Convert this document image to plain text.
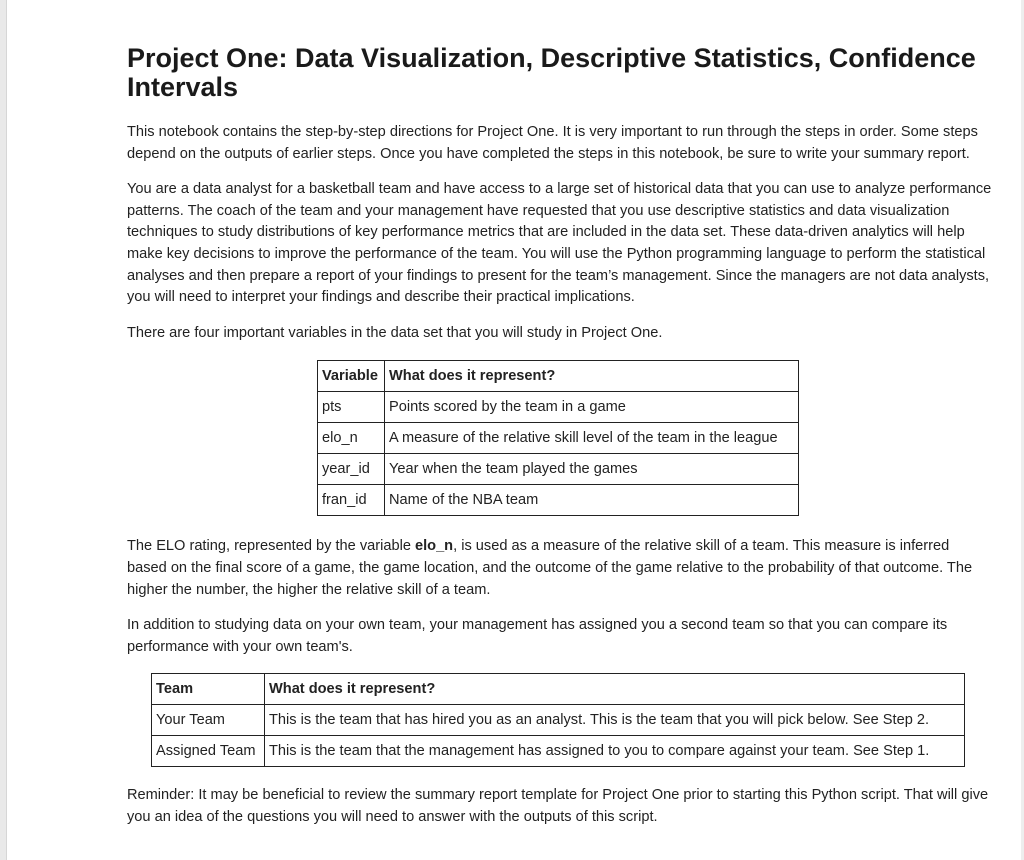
Project One: Data Visualization, Descriptive Statistics, Confidence Intervals

This notebook contains the step-by-step directions for Project One. It is very important to run through the steps in order. Some steps depend on the outputs of earlier steps. Once you have completed the steps in this notebook, be sure to write your summary report.

You are a data analyst for a basketball team and have access to a large set of historical data that you can use to analyze performance patterns. The coach of the team and your management have requested that you use descriptive statistics and data visualization techniques to study distributions of key performance metrics that are included in the data set. These data-driven analytics will help make key decisions to improve the performance of the team. You will use the Python programming language to perform the statistical analyses and then prepare a report of your findings to present for the team’s management. Since the managers are not data analysts, you will need to interpret your findings and describe their practical implications.

There are four important variables in the data set that you will study in Project One.

Variable	What does it represent?
pts	Points scored by the team in a game
elo_n	A measure of the relative skill level of the team in the league
year_id	Year when the team played the games
fran_id	Name of the NBA team

The ELO rating, represented by the variable elo_n, is used as a measure of the relative skill of a team. This measure is inferred based on the final score of a game, the game location, and the outcome of the game relative to the probability of that outcome. The higher the number, the higher the relative skill of a team.

In addition to studying data on your own team, your management has assigned you a second team so that you can compare its performance with your own team's.

Team	What does it represent?
Your Team	This is the team that has hired you as an analyst. This is the team that you will pick below. See Step 2.
Assigned Team	This is the team that the management has assigned to you to compare against your team. See Step 1.

Reminder: It may be beneficial to review the summary report template for Project One prior to starting this Python script. That will give you an idea of the questions you will need to answer with the outputs of this script.
